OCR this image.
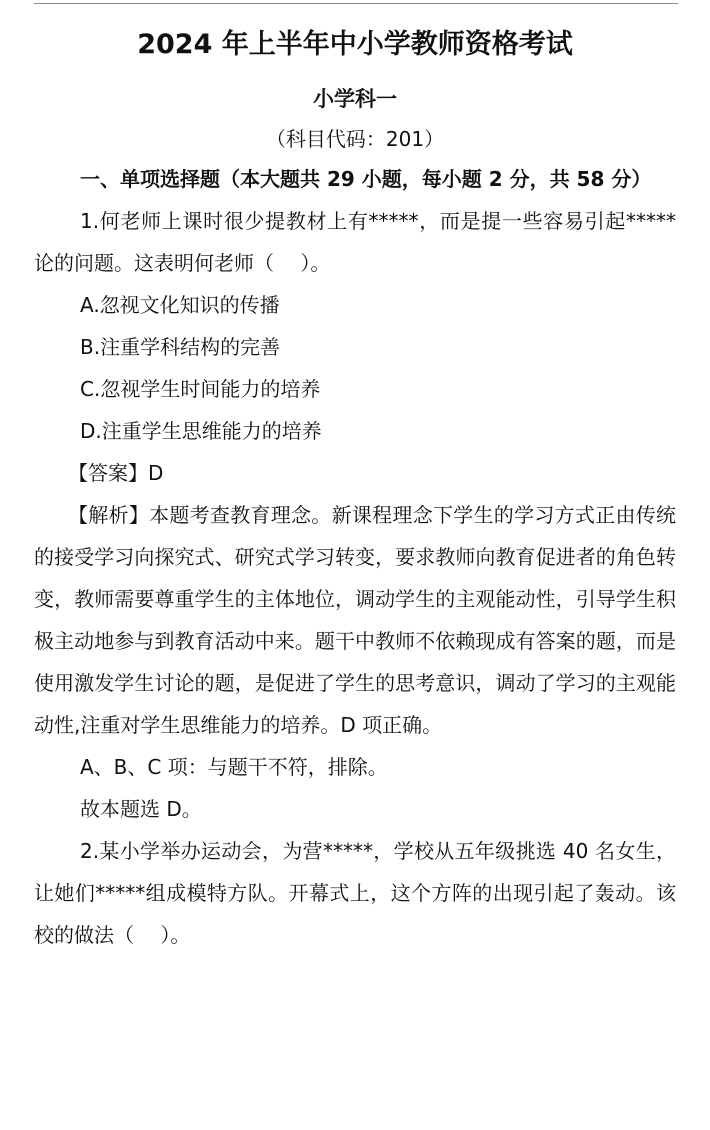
2024 年上半年中小学教师资格考试
小学科一
（科目代码：201）
一、单项选择题（本大题共 29 小题，每小题 2 分，共 58 分）

1.何老师上课时很少提教材上有*****，而是提一些容易引起*****论的问题。这表明何老师（　 ）。

A.忽视文化知识的传播

B.注重学科结构的完善

C.忽视学生时间能力的培养

D.注重学生思维能力的培养

【答案】D

【解析】本题考查教育理念。新课程理念下学生的学习方式正由传统的接受学习向探究式、研究式学习转变，要求教师向教育促进者的角色转变，教师需要尊重学生的主体地位，调动学生的主观能动性，引导学生积极主动地参与到教育活动中来。题干中教师不依赖现成有答案的题，而是使用激发学生讨论的题，是促进了学生的思考意识，调动了学习的主观能动性,注重对学生思维能力的培养。D 项正确。

A、B、C 项：与题干不符，排除。

故本题选 D。

2.某小学举办运动会，为营*****，学校从五年级挑选 40 名女生，让她们*****组成模特方队。开幕式上，这个方阵的出现引起了轰动。该校的做法（　 ）。
